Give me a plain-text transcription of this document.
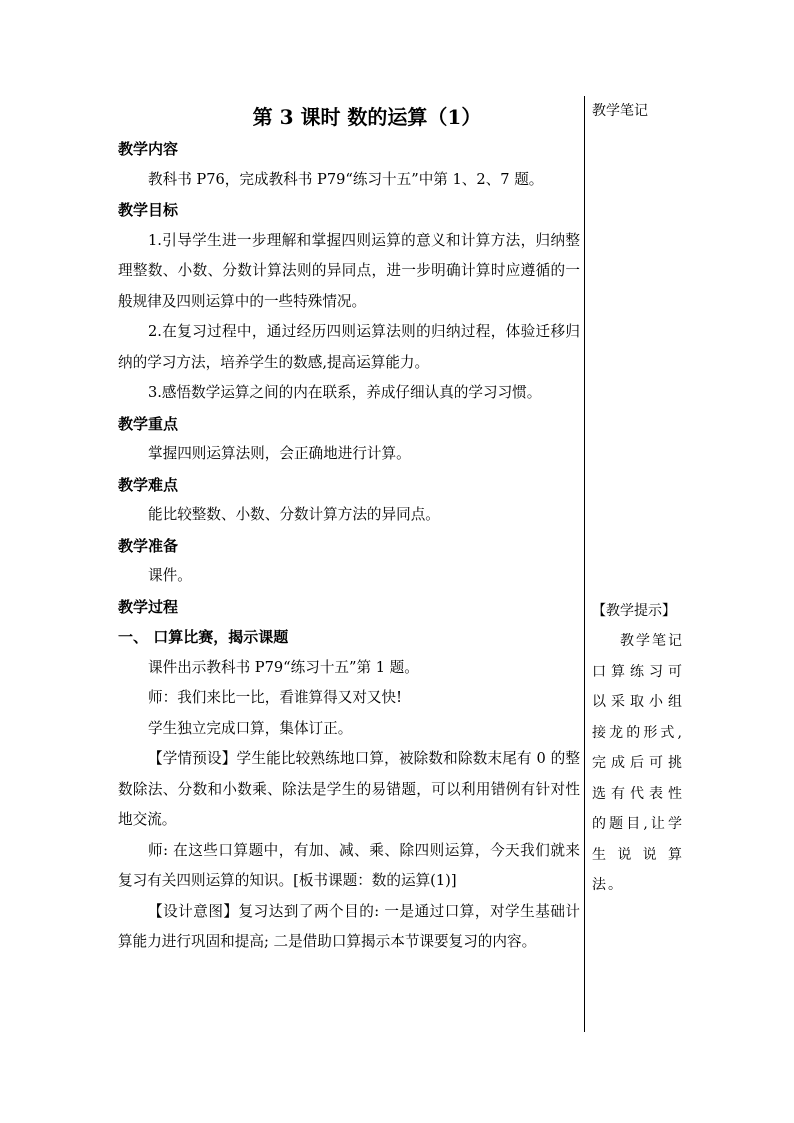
第 3 课时 数的运算（1）

教学内容

教科书 P76，完成教科书 P79“练习十五”中第 1、2、7 题。

教学目标

1.引导学生进一步理解和掌握四则运算的意义和计算方法，归纳整理整数、小数、分数计算法则的异同点，进一步明确计算时应遵循的一般规律及四则运算中的一些特殊情况。

2.在复习过程中，通过经历四则运算法则的归纳过程，体验迁移归纳的学习方法，培养学生的数感,提高运算能力。

3.感悟数学运算之间的内在联系，养成仔细认真的学习习惯。

教学重点

掌握四则运算法则，会正确地进行计算。

教学难点

能比较整数、小数、分数计算方法的异同点。

教学准备

课件。

教学过程

一、 口算比赛，揭示课题

课件出示教科书 P79“练习十五”第 1 题。

师：我们来比一比，看谁算得又对又快!

学生独立完成口算，集体订正。

【学情预设】学生能比较熟练地口算，被除数和除数末尾有 0 的整数除法、分数和小数乘、除法是学生的易错题，可以利用错例有针对性地交流。

师: 在这些口算题中，有加、减、乘、除四则运算，今天我们就来复习有关四则运算的知识。[板书课题：数的运算(1)]

【设计意图】复习达到了两个目的: 一是通过口算，对学生基础计算能力进行巩固和提高; 二是借助口算揭示本节课要复习的内容。

教学笔记

【教学提示】

教学笔记口算练习可以采取小组接龙的形式,完成后可挑选有代表性的题目,让学生说说算法。
